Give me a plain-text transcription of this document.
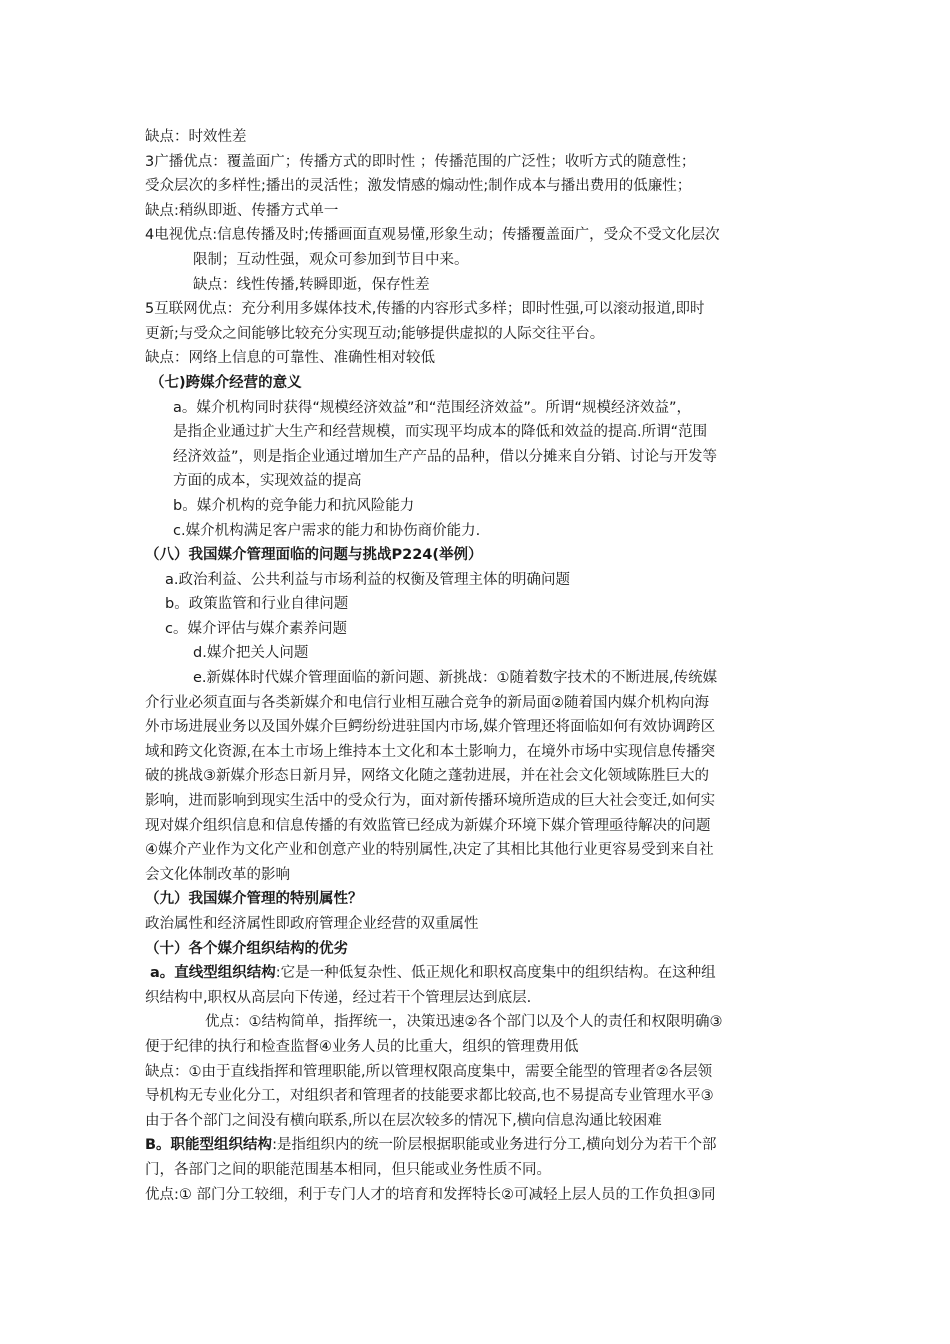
缺点：时效性差
3广播优点：覆盖面广；传播方式的即时性 ；传播范围的广泛性；收听方式的随意性；
受众层次的多样性;播出的灵活性；激发情感的煽动性;制作成本与播出费用的低廉性；
缺点:稍纵即逝、传播方式单一
4电视优点:信息传播及时;传播画面直观易懂,形象生动；传播覆盖面广，受众不受文化层次
限制；互动性强，观众可参加到节目中来。
缺点：线性传播,转瞬即逝，保存性差
5互联网优点：充分利用多媒体技术,传播的内容形式多样；即时性强,可以滚动报道,即时
更新;与受众之间能够比较充分实现互动;能够提供虚拟的人际交往平台。
缺点：网络上信息的可靠性、准确性相对较低
（七)跨媒介经营的意义
a。媒介机构同时获得“规模经济效益”和“范围经济效益”。所谓“规模经济效益”，
是指企业通过扩大生产和经营规模，而实现平均成本的降低和效益的提高.所谓“范围
经济效益”，则是指企业通过增加生产产品的品种，借以分摊来自分销、讨论与开发等
方面的成本，实现效益的提高
b。媒介机构的竞争能力和抗风险能力
c.媒介机构满足客户需求的能力和协伤商价能力.
（八）我国媒介管理面临的问题与挑战P224(举例）
a.政治利益、公共利益与市场利益的权衡及管理主体的明确问题
b。政策监管和行业自律问题
c。媒介评估与媒介素养问题
d.媒介把关人问题
e.新媒体时代媒介管理面临的新问题、新挑战：①随着数字技术的不断进展,传统媒
介行业必须直面与各类新媒介和电信行业相互融合竞争的新局面②随着国内媒介机构向海
外市场进展业务以及国外媒介巨鳄纷纷进驻国内市场,媒介管理还将面临如何有效协调跨区
域和跨文化资源,在本土市场上维持本土文化和本土影响力，在境外市场中实现信息传播突
破的挑战③新媒介形态日新月异，网络文化随之蓬勃进展，并在社会文化领域陈胜巨大的
影响，进而影响到现实生活中的受众行为，面对新传播环境所造成的巨大社会变迁,如何实
现对媒介组织信息和信息传播的有效监管已经成为新媒介环境下媒介管理亟待解决的问题
④媒介产业作为文化产业和创意产业的特别属性,决定了其相比其他行业更容易受到来自社
会文化体制改革的影响
（九）我国媒介管理的特别属性？
政治属性和经济属性即政府管理企业经营的双重属性
（十）各个媒介组织结构的优劣
a。直线型组织结构:它是一种低复杂性、低正规化和职权高度集中的组织结构。在这种组
织结构中,职权从高层向下传递，经过若干个管理层达到底层.
优点：①结构简单，指挥统一，决策迅速②各个部门以及个人的责任和权限明确③
便于纪律的执行和检查监督④业务人员的比重大，组织的管理费用低
缺点：①由于直线指挥和管理职能,所以管理权限高度集中，需要全能型的管理者②各层领
导机构无专业化分工，对组织者和管理者的技能要求都比较高,也不易提高专业管理水平③
由于各个部门之间没有横向联系,所以在层次较多的情况下,横向信息沟通比较困难
B。职能型组织结构:是指组织内的统一阶层根据职能或业务进行分工,横向划分为若干个部
门，各部门之间的职能范围基本相同，但只能或业务性质不同。
优点:① 部门分工较细，利于专门人才的培育和发挥特长②可减轻上层人员的工作负担③同
